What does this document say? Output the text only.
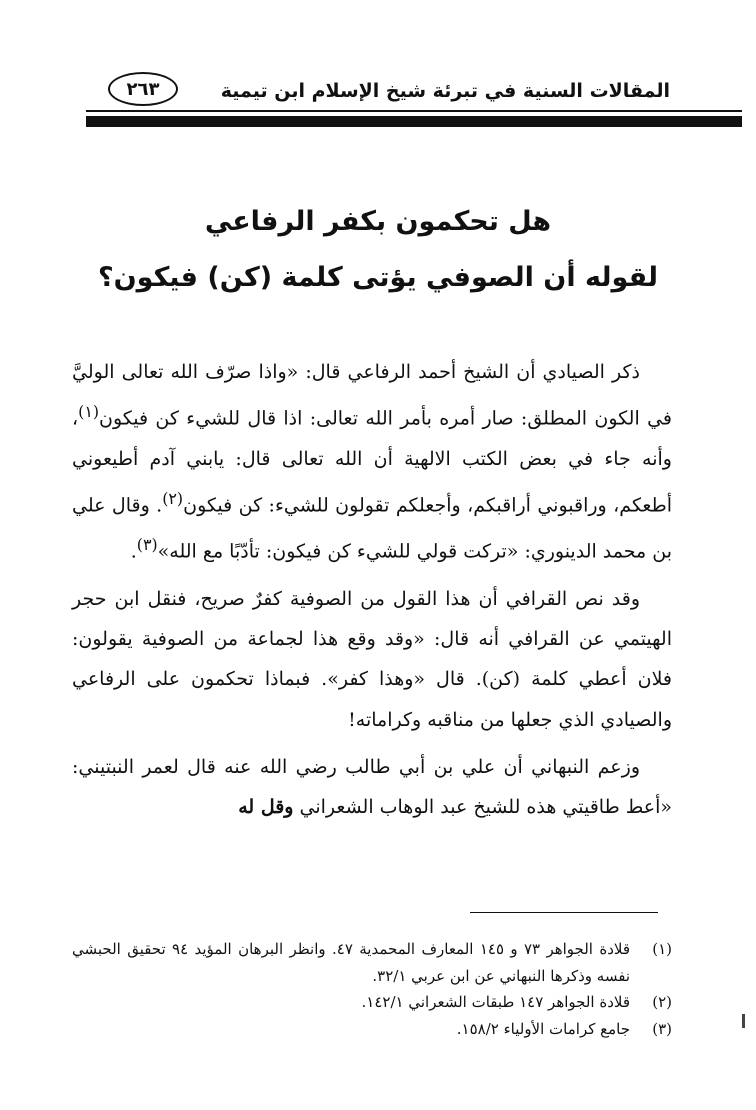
المقالات السنية في تبرئة شيخ الإسلام ابن تيمية
٢٦٣
هل تحكمون بكفر الرفاعي
لقوله أن الصوفي يؤتى كلمة (كن) فيكون؟

ذكر الصيادي أن الشيخ أحمد الرفاعي قال: «واذا صرّف الله تعالى الوليَّ في الكون المطلق: صار أمره بأمر الله تعالى: اذا قال للشيء كن فيكون$^{(١)}$، وأنه جاء في بعض الكتب الالهية أن الله تعالى قال: يابني آدم أطيعوني أطعكم، وراقبوني أراقبكم، وأجعلكم تقولون للشيء: كن فيكون$^{(٢)}$. وقال علي بن محمد الدينوري: «تركت قولي للشيء كن فيكون: تأدّبًا مع الله»$^{(٣)}$.

وقد نص القرافي أن هذا القول من الصوفية كفرٌ صريح، فنقل ابن حجر الهيتمي عن القرافي أنه قال: «وقد وقع هذا لجماعة من الصوفية يقولون: فلان أعطي كلمة (كن). قال «وهذا كفر». فبماذا تحكمون على الرفاعي والصيادي الذي جعلها من مناقبه وكراماته!

وزعم النبهاني أن علي بن أبي طالب رضي الله عنه قال لعمر النبتيني: «أعط طاقيتي هذه للشيخ عبد الوهاب الشعراني وقل له

(١)
قلادة الجواهر ٧٣ و ١٤٥ المعارف المحمدية ٤٧. وانظر البرهان المؤيد ٩٤ تحقيق الحبشي نفسه وذكرها النبهاني عن ابن عربي ٣٢/١.
(٢)
قلادة الجواهر ١٤٧ طبقات الشعراني ١٤٢/١.
(٣)
جامع كرامات الأولياء ١٥٨/٢.
